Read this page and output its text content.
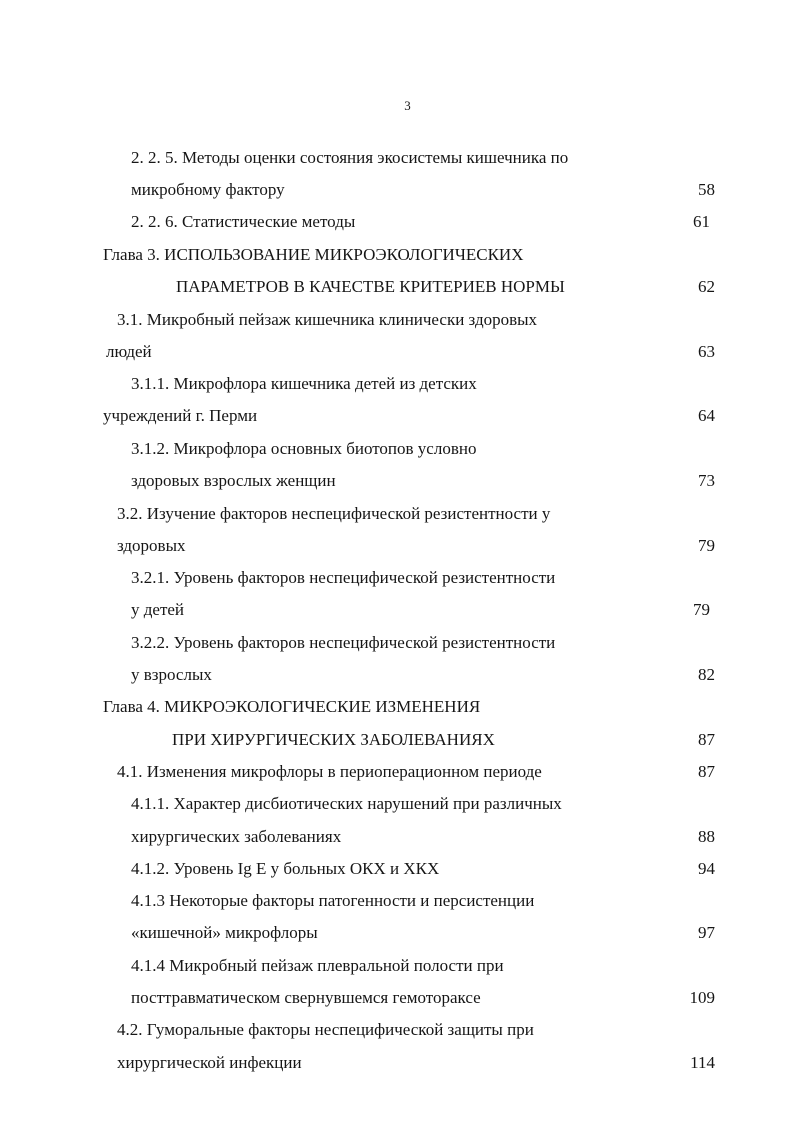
3
2. 2. 5. Методы оценки состояния экосистемы кишечника по
микробному фактору	58
2. 2. 6. Статистические методы	61
Глава 3. ИСПОЛЬЗОВАНИЕ МИКРОЭКОЛОГИЧЕСКИХ
ПАРАМЕТРОВ В КАЧЕСТВЕ КРИТЕРИЕВ НОРМЫ	62
3.1. Микробный пейзаж кишечника клинически здоровых
людей	63
3.1.1. Микрофлора кишечника детей из детских
учреждений г. Перми	64
3.1.2. Микрофлора основных биотопов условно
здоровых взрослых женщин	73
3.2. Изучение факторов неспецифической резистентности у
здоровых	79
3.2.1. Уровень факторов неспецифической резистентности
у детей	79
3.2.2. Уровень факторов неспецифической резистентности
у взрослых	82
Глава 4. МИКРОЭКОЛОГИЧЕСКИЕ ИЗМЕНЕНИЯ
ПРИ ХИРУРГИЧЕСКИХ ЗАБОЛЕВАНИЯХ	87
4.1. Изменения микрофлоры в периоперационном периоде	87
4.1.1. Характер дисбиотических нарушений при различных
хирургических заболеваниях	88
4.1.2. Уровень Ig E у больных ОКХ и ХКХ	94
4.1.3 Некоторые факторы патогенности и персистенции
«кишечной» микрофлоры	97
4.1.4 Микробный пейзаж плевральной полости при
посттравматическом свернувшемся гемотораксе	109
4.2. Гуморальные факторы неспецифической защиты при
хирургической инфекции	114
